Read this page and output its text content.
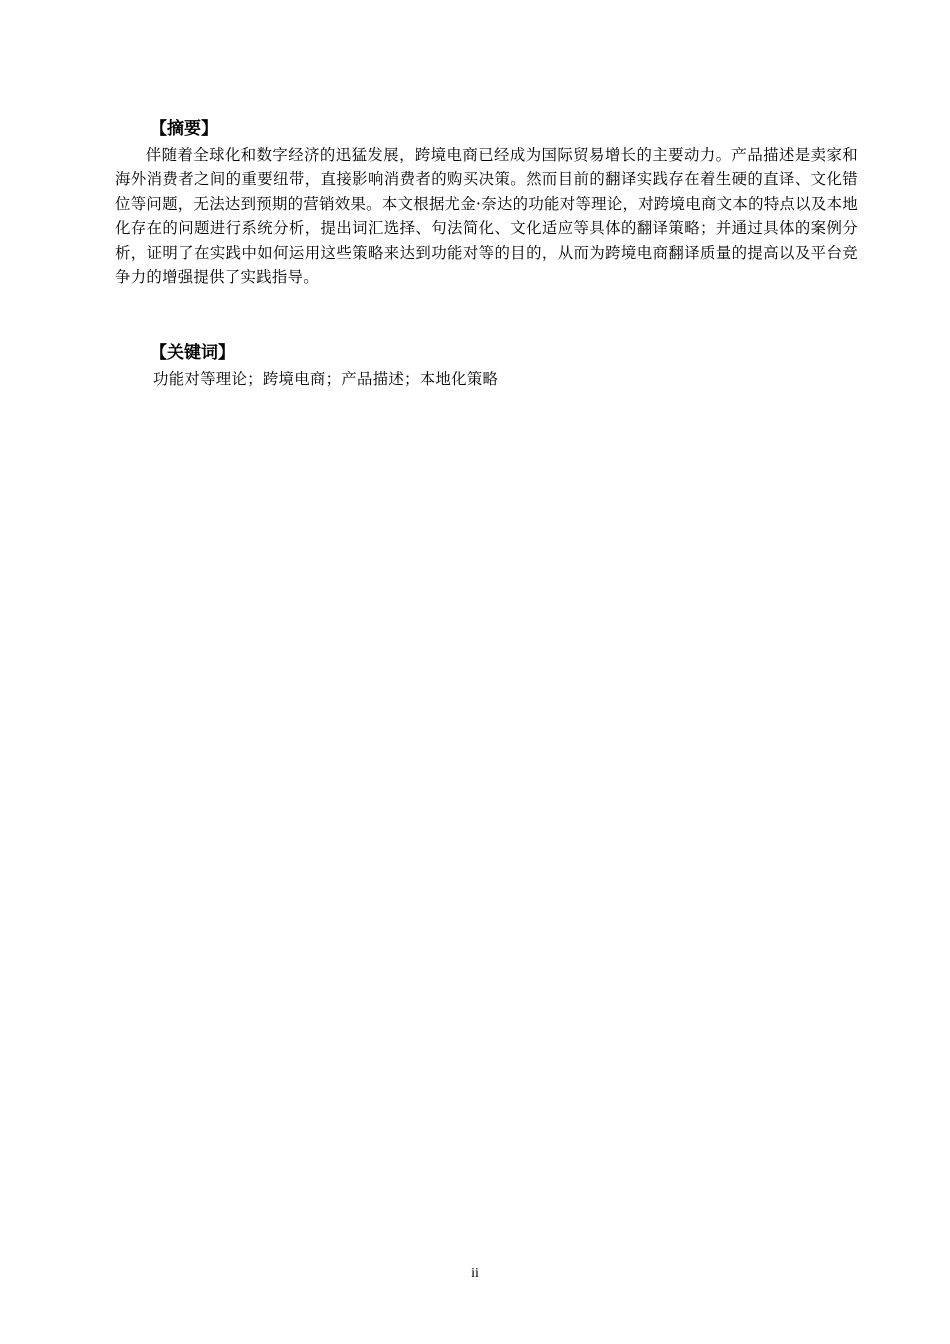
【摘要】

伴随着全球化和数字经济的迅猛发展，跨境电商已经成为国际贸易增长的主要动力。产品描述是卖家和海外消费者之间的重要纽带，直接影响消费者的购买决策。然而目前的翻译实践存在着生硬的直译、文化错位等问题，无法达到预期的营销效果。本文根据尤金·奈达的功能对等理论，对跨境电商文本的特点以及本地化存在的问题进行系统分析，提出词汇选择、句法简化、文化适应等具体的翻译策略；并通过具体的案例分析，证明了在实践中如何运用这些策略来达到功能对等的目的，从而为跨境电商翻译质量的提高以及平台竞争力的增强提供了实践指导。

【关键词】

功能对等理论；跨境电商；产品描述；本地化策略

ii
